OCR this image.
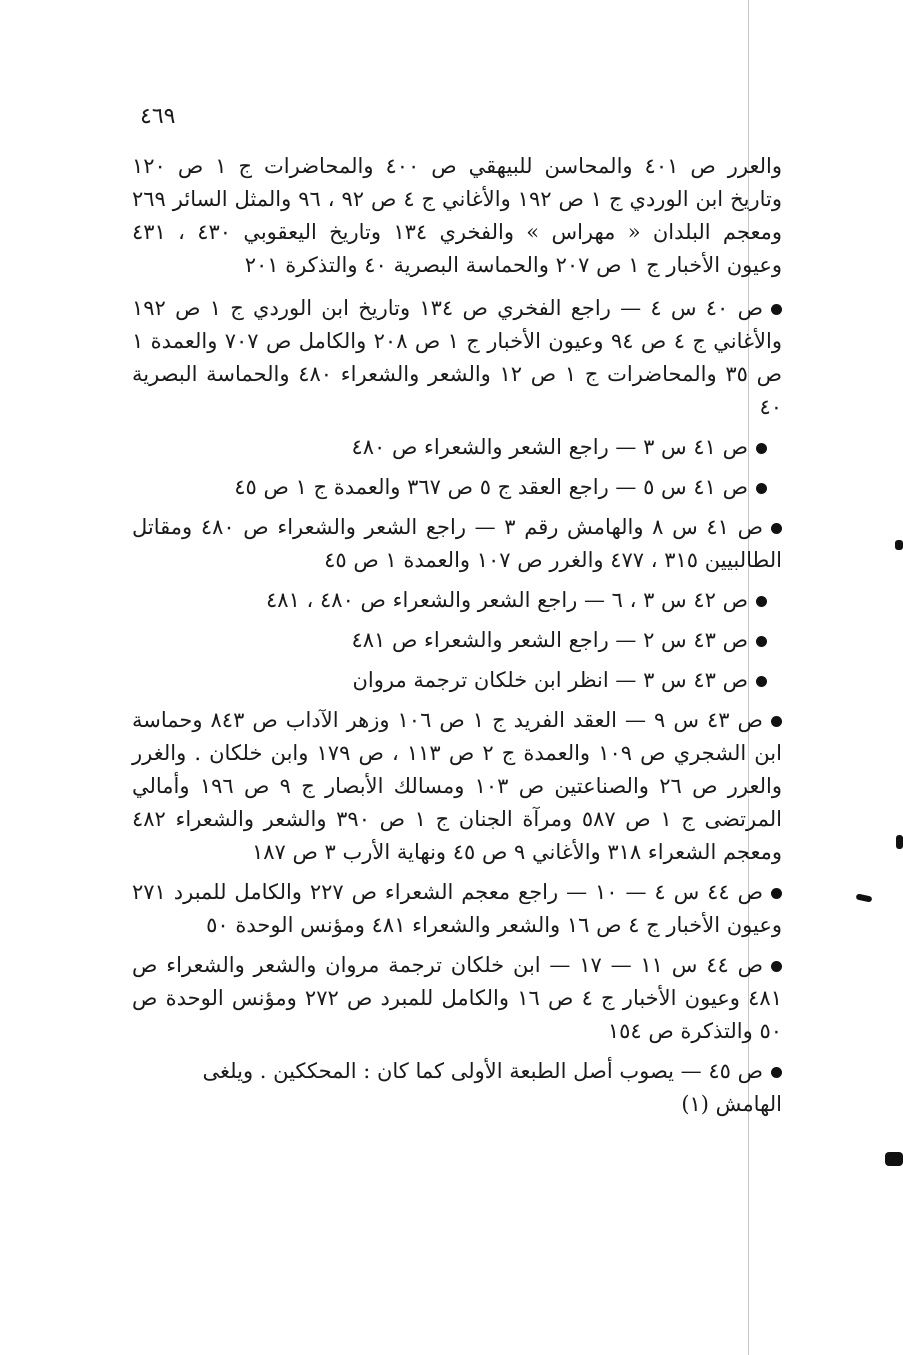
٤٦٩

والعرر ص ٤٠١ والمحاسن للبيهقي ص ٤٠٠ والمحاضرات ج ١ ص ١٢٠ وتاريخ ابن الوردي ج ١ ص ١٩٢ والأغاني ج ٤ ص ٩٢ ، ٩٦ والمثل السائر ٢٦٩ ومعجم البلدان « مهراس » والفخري ١٣٤ وتاريخ اليعقوبي ٤٣٠ ، ٤٣١ وعيون الأخبار ج ١ ص ٢٠٧ والحماسة البصرية ٤٠ والتذكرة ٢٠١

ص ٤٠ س ٤ — راجع الفخري ص ١٣٤ وتاريخ ابن الوردي ج ١ ص ١٩٢ والأغاني ج ٤ ص ٩٤ وعيون الأخبار ج ١ ص ٢٠٨ والكامل ص ٧٠٧ والعمدة ١ ص ٣٥ والمحاضرات ج ١ ص ١٢ والشعر والشعراء ٤٨٠ والحماسة البصرية ٤٠
ص ٤١ س ٣ — راجع الشعر والشعراء ص ٤٨٠
ص ٤١ س ٥ — راجع العقد ج ٥ ص ٣٦٧ والعمدة ج ١ ص ٤٥
ص ٤١ س ٨ والهامش رقم ٣ — راجع الشعر والشعراء ص ٤٨٠ ومقاتل الطالبيين ٣١٥ ، ٤٧٧ والغرر ص ١٠٧ والعمدة ١ ص ٤٥
ص ٤٢ س ٣ ، ٦ — راجع الشعر والشعراء ص ٤٨٠ ، ٤٨١
ص ٤٣ س ٢ — راجع الشعر والشعراء ص ٤٨١
ص ٤٣ س ٣ — انظر ابن خلكان ترجمة مروان
ص ٤٣ س ٩ — العقد الفريد ج ١ ص ١٠٦ وزهر الآداب ص ٨٤٣ وحماسة ابن الشجري ص ١٠٩ والعمدة ج ٢ ص ١١٣ ، ص ١٧٩ وابن خلكان . والغرر والعرر ص ٢٦ والصناعتين ص ١٠٣ ومسالك الأبصار ج ٩ ص ١٩٦ وأمالي المرتضى ج ١ ص ٥٨٧ ومرآة الجنان ج ١ ص ٣٩٠ والشعر والشعراء ٤٨٢ ومعجم الشعراء ٣١٨ والأغاني ٩ ص ٤٥ ونهاية الأرب ٣ ص ١٨٧
ص ٤٤ س ٤ — ١٠ — راجع معجم الشعراء ص ٢٢٧ والكامل للمبرد ٢٧١ وعيون الأخبار ج ٤ ص ١٦ والشعر والشعراء ٤٨١ ومؤنس الوحدة ٥٠
ص ٤٤ س ١١ — ١٧ — ابن خلكان ترجمة مروان والشعر والشعراء ص ٤٨١ وعيون الأخبار ج ٤ ص ١٦ والكامل للمبرد ص ٢٧٢ ومؤنس الوحدة ص ٥٠ والتذكرة ص ١٥٤
ص ٤٥ — يصوب أصل الطبعة الأولى كما كان : المحككين . ويلغى الهامش (١)
